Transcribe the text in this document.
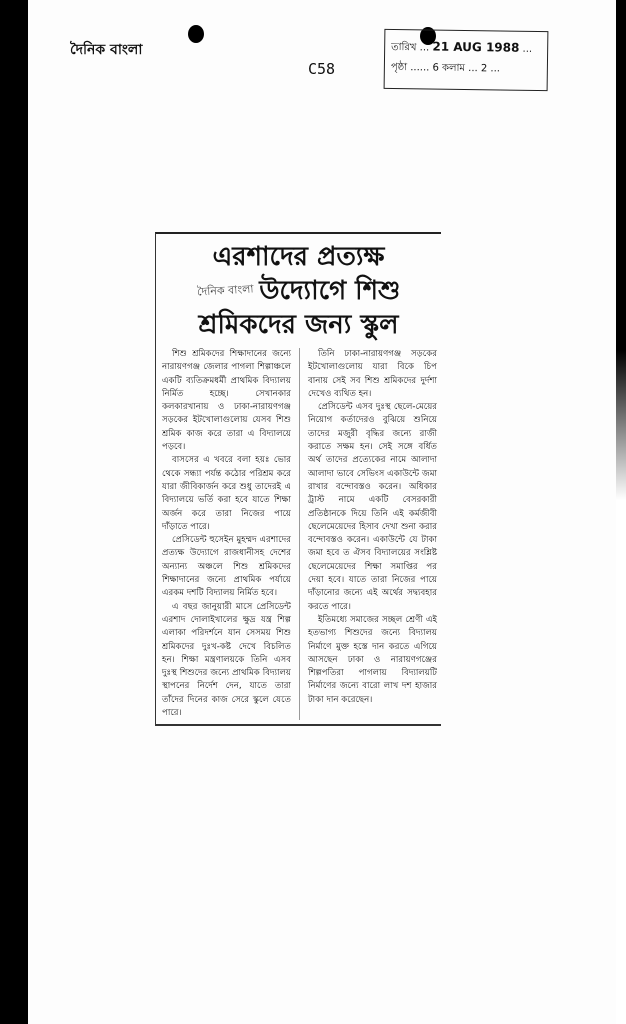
দৈনিক বাংলা
C58
তারিখ ... 21 AUG 1988 ...
পৃষ্ঠা ...... 6 কলাম ... 2 ...
এরশাদের প্রত্যক্ষ
দৈনিক বাংলা উদ্যোগে শিশু
শ্রমিকদের জন্য স্কুল

শিশু শ্রমিকদের শিক্ষাদানের জন্যে নারায়ণগঞ্জ জেলার পাগলা শিল্পাঞ্চলে একটি ব্যতিক্রমধর্মী প্রাথমিক বিদ্যালয় নির্মিত হচ্ছে। সেখানকার কলকারখানায় ও ঢাকা-নারায়ণগঞ্জ সড়কের ইটখোলাগুলোয় যেসব শিশু শ্রমিক কাজ করে তারা এ বিদ্যালয়ে পড়বে।

বাসসের এ খবরে বলা হয়ঃ ভোর থেকে সন্ধ্যা পর্যন্ত কঠোর পরিশ্রম করে যারা জীবিকার্জন করে শুধু তাদেরই এ বিদ্যালয়ে ভর্তি করা হবে যাতে শিক্ষা অর্জন করে তারা নিজের পায়ে দাঁড়াতে পারে।

প্রেসিডেন্ট হুসেইন মুহম্মদ এরশাদের প্রত্যক্ষ উদ্যোগে রাজধানীসহ দেশের অন্যান্য অঞ্চলে শিশু শ্রমিকদের শিক্ষাদানের জন্যে প্রাথমিক পর্যায়ে এরকম দশটি বিদ্যালয় নির্মিত হবে।

এ বছর জানুয়ারী মাসে প্রেসিডেন্ট এরশাদ দোলাইখালের ক্ষুদ্র যন্ত্র শিল্প এলাকা পরিদর্শনে যান সেসময় শিশু শ্রমিকদের দুঃখ-কষ্ট দেখে বিচলিত হন। শিক্ষা মন্ত্রণালয়কে তিনি এসব দুঃস্থ শিশুদের জন্যে প্রাথমিক বিদ্যালয় স্থাপনের নির্দেশ দেন, যাতে তারা তাঁদের দিনের কাজ সেরে স্কুলে যেতে পারে।

তিনি ঢাকা-নারায়ণগঞ্জ সড়কের ইটখোলাগুলোয় যারা বিকে চিপ বানায় সেই সব শিশু শ্রমিকদের দুর্দশা দেখেও ব্যথিত হন।

প্রেসিডেন্ট এসব দুঃস্থ ছেলে-মেয়ের নিয়োগ কর্তাদেরও বুঝিয়ে শুনিয়ে তাদের মজুরী বৃদ্ধির জন্যে রাজী করাতে সক্ষম হন। সেই সঙ্গে বর্ধিত অর্থ তাদের প্রত্যেকের নামে আলাদা আলাদা ভাবে সেভিংস একাউন্টে জমা রাখার বন্দোবস্তও করেন। অধিকার ট্রাস্ট নামে একটি বেসরকারী প্রতিষ্ঠানকে দিয়ে তিনি এই কর্মজীবী ছেলেমেয়েদের হিসাব দেখা শুনা করার বন্দোবস্তও করেন। একাউন্টে যে টাকা জমা হবে ত ঐসব বিদ্যালয়ের সংশ্লিষ্ট ছেলেমেয়েদের শিক্ষা সমাপ্তির পর দেয়া হবে। যাতে তারা নিজের পায়ে দাঁড়ানোর জন্যে এই অর্থের সদ্ব্যবহার করতে পারে।

ইতিমধ্যে সমাজের সচ্ছল শ্রেণী এই হতভাগ্য শিশুদের জন্যে বিদ্যালয় নির্মাণে মুক্ত হস্তে দান করতে এগিয়ে আসছেন ঢাকা ও নারায়ণগঞ্জের শিল্পপতিরা পাগলায় বিদ্যালয়টি নির্মাণের জন্যে বারো লাখ দশ হাজার টাকা দান করেছেন।
